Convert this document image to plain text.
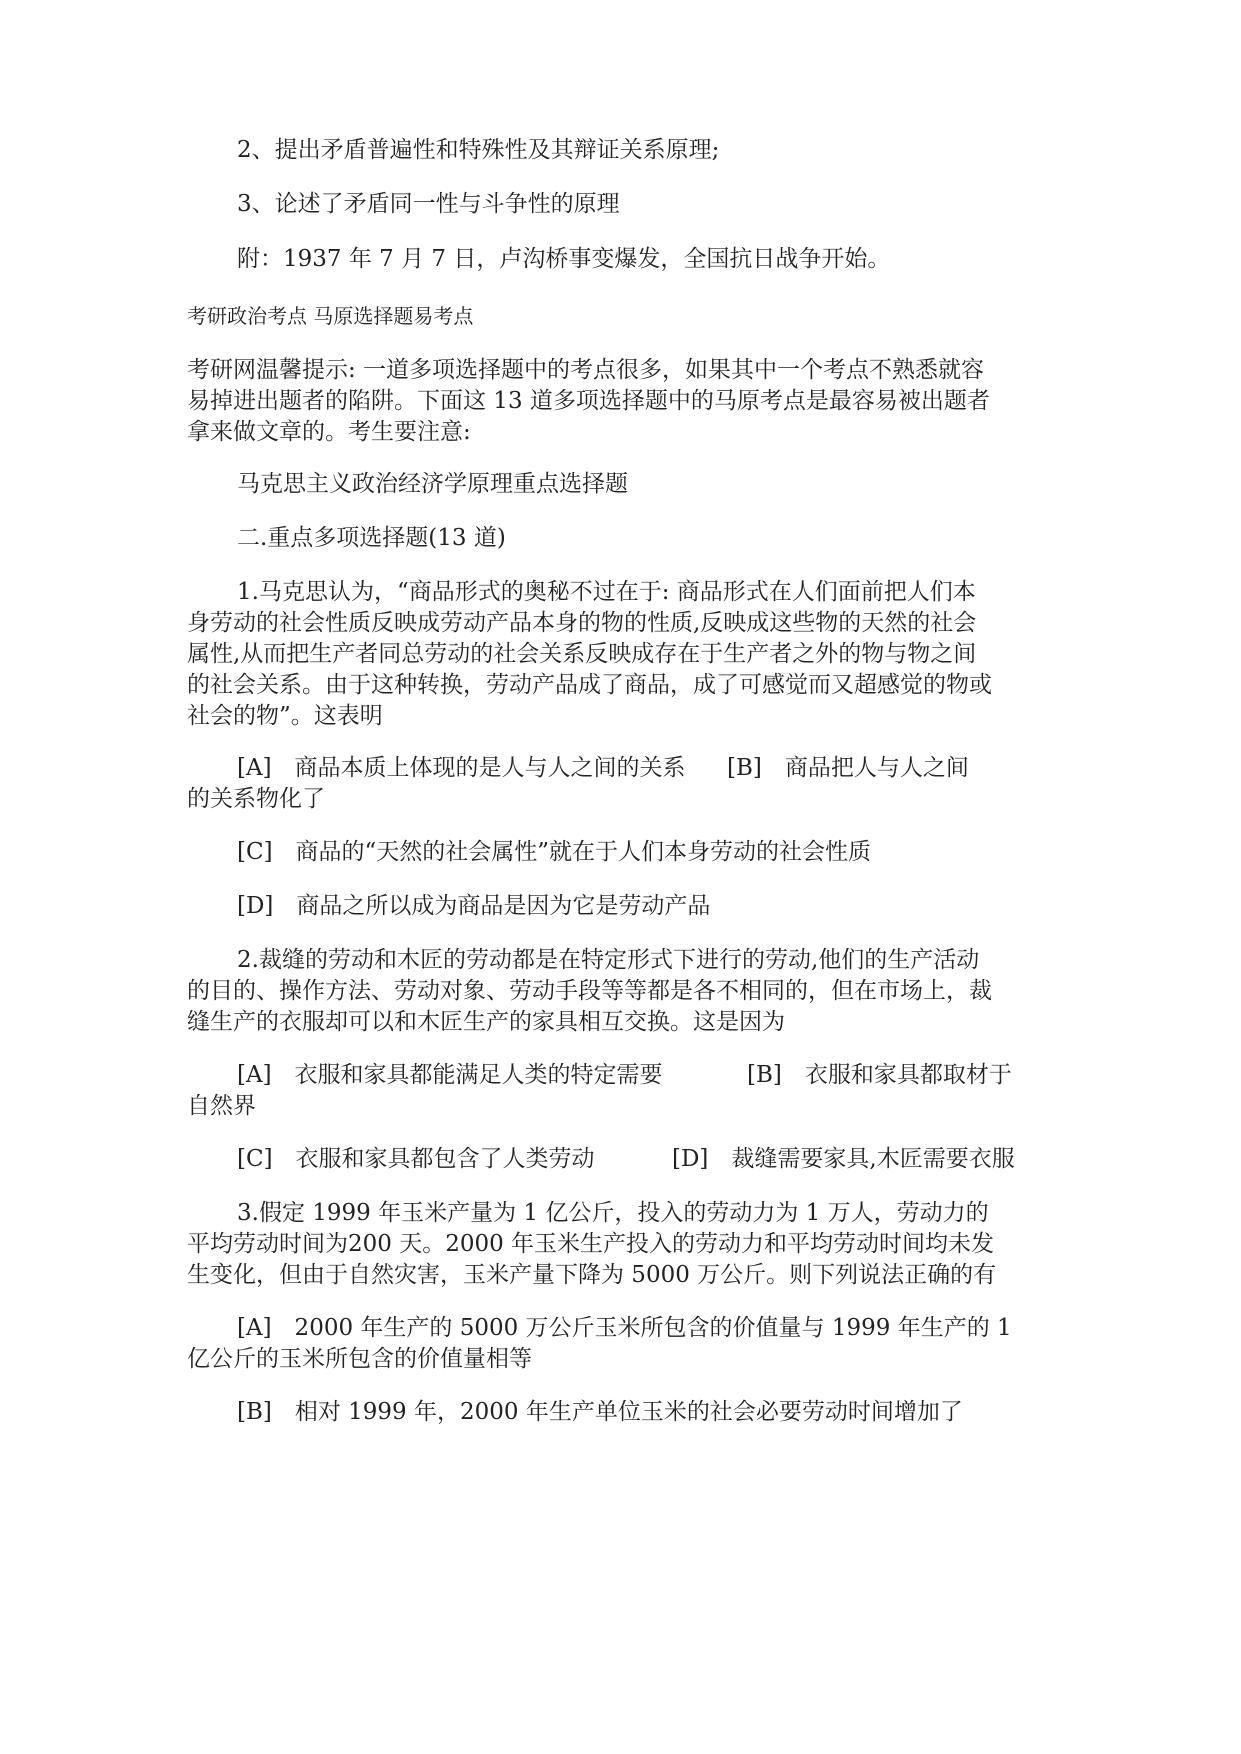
2、提出矛盾普遍性和特殊性及其辩证关系原理;

3、论述了矛盾同一性与斗争性的原理

附：1937 年 7 月 7 日，卢沟桥事变爆发，全国抗日战争开始。

考研政治考点 马原选择题易考点

考研网温馨提示: 一道多项选择题中的考点很多，如果其中一个考点不熟悉就容

易掉进出题者的陷阱。下面这 13 道多项选择题中的马原考点是最容易被出题者

拿来做文章的。考生要注意:

马克思主义政治经济学原理重点选择题

二.重点多项选择题(13 道)

1.马克思认为，“商品形式的奥秘不过在于: 商品形式在人们面前把人们本

身劳动的社会性质反映成劳动产品本身的物的性质,反映成这些物的天然的社会

属性,从而把生产者同总劳动的社会关系反映成存在于生产者之外的物与物之间

的社会关系。由于这种转换，劳动产品成了商品，成了可感觉而又超感觉的物或

社会的物”。这表明

[A]　商品本质上体现的是人与人之间的关系 [B]　商品把人与人之间

的关系物化了

[C]　商品的“天然的社会属性”就在于人们本身劳动的社会性质

[D]　商品之所以成为商品是因为它是劳动产品

2.裁缝的劳动和木匠的劳动都是在特定形式下进行的劳动,他们的生产活动

的目的、操作方法、劳动对象、劳动手段等等都是各不相同的，但在市场上，裁

缝生产的衣服却可以和木匠生产的家具相互交换。这是因为

[A]　衣服和家具都能满足人类的特定需要	[B]　衣服和家具都取材于

自然界

[C]　衣服和家具都包含了人类劳动	[D]　裁缝需要家具,木匠需要衣服

3.假定 1999 年玉米产量为 1 亿公斤，投入的劳动力为 1 万人，劳动力的

平均劳动时间为200 天。2000 年玉米生产投入的劳动力和平均劳动时间均未发

生变化，但由于自然灾害，玉米产量下降为 5000 万公斤。则下列说法正确的有

[A]　2000 年生产的 5000 万公斤玉米所包含的价值量与 1999 年生产的 1

亿公斤的玉米所包含的价值量相等

[B]　相对 1999 年，2000 年生产单位玉米的社会必要劳动时间增加了
